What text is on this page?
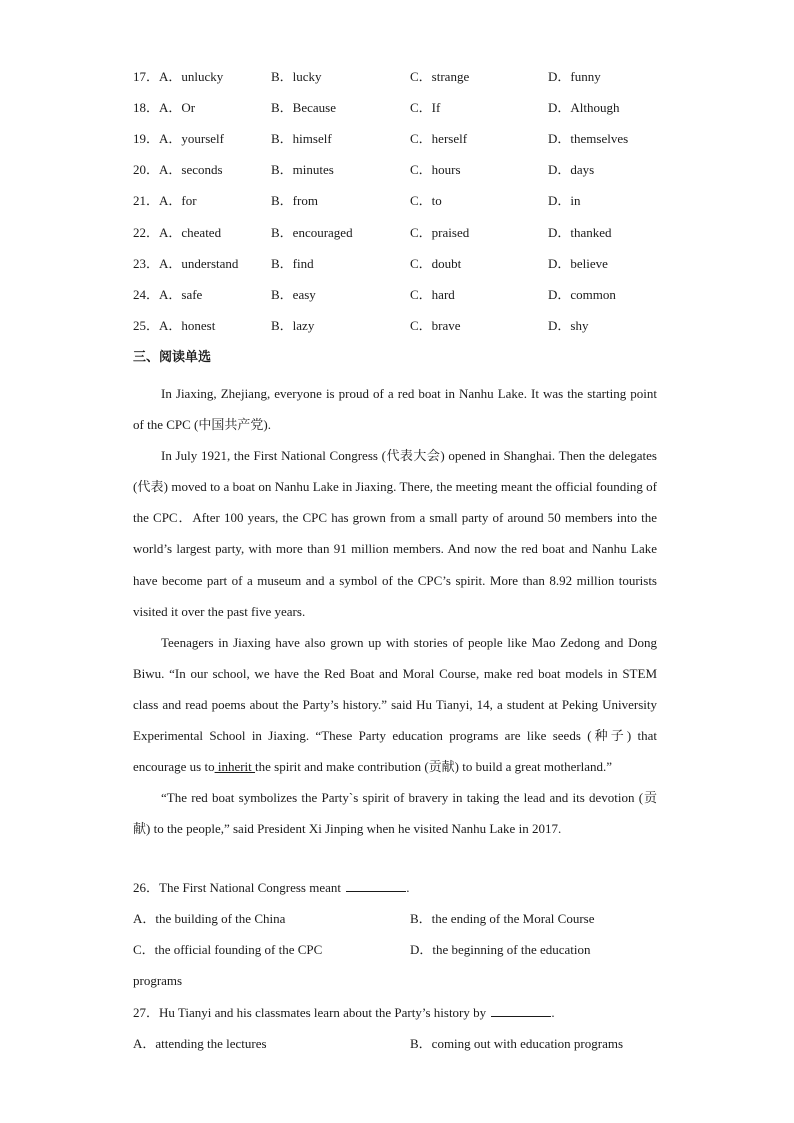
17．A．unlucky	B．lucky	C．strange	D．funny
18．A．Or	B．Because	C．If	D．Although
19．A．yourself	B．himself	C．herself	D．themselves
20．A．seconds	B．minutes	C．hours	D．days
21．A．for	B．from	C．to	D．in
22．A．cheated	B．encouraged	C．praised	D．thanked
23．A．understand	B．find	C．doubt	D．believe
24．A．safe	B．easy	C．hard	D．common
25．A．honest	B．lazy	C．brave	D．shy
三、阅读单选

In Jiaxing, Zhejiang, everyone is proud of a red boat in Nanhu Lake. It was the starting point of the CPC (中国共产党).

In July 1921, the First National Congress (代表大会) opened in Shanghai. Then the delegates (代表) moved to a boat on Nanhu Lake in Jiaxing. There, the meeting meant the official founding of the CPC．After 100 years, the CPC has grown from a small party of around 50 members into the world’s largest party, with more than 91 million members. And now the red boat and Nanhu Lake have become part of a museum and a symbol of the CPC’s spirit. More than 8.92 million tourists visited it over the past five years.

Teenagers in Jiaxing have also grown up with stories of people like Mao Zedong and Dong Biwu. “In our school, we have the Red Boat and Moral Course, make red boat models in STEM class and read poems about the Party’s history.” said Hu Tianyi, 14, a student at Peking University Experimental School in Jiaxing. “These Party education programs are like seeds (种子) that encourage us to inherit the spirit and make contribution (贡献) to build a great motherland.”

“The red boat symbolizes the Party`s spirit of bravery in taking the lead and its devotion (贡献) to the people,” said President Xi Jinping when he visited Nanhu Lake in 2017.

26．The First National Congress meant	.
A．the building of the China	B．the ending of the Moral Course
C．the official founding of the CPC	D．the beginning of the education
programs
27．Hu Tianyi and his classmates learn about the Party’s history by	.
A．attending the lectures	B．coming out with education programs
